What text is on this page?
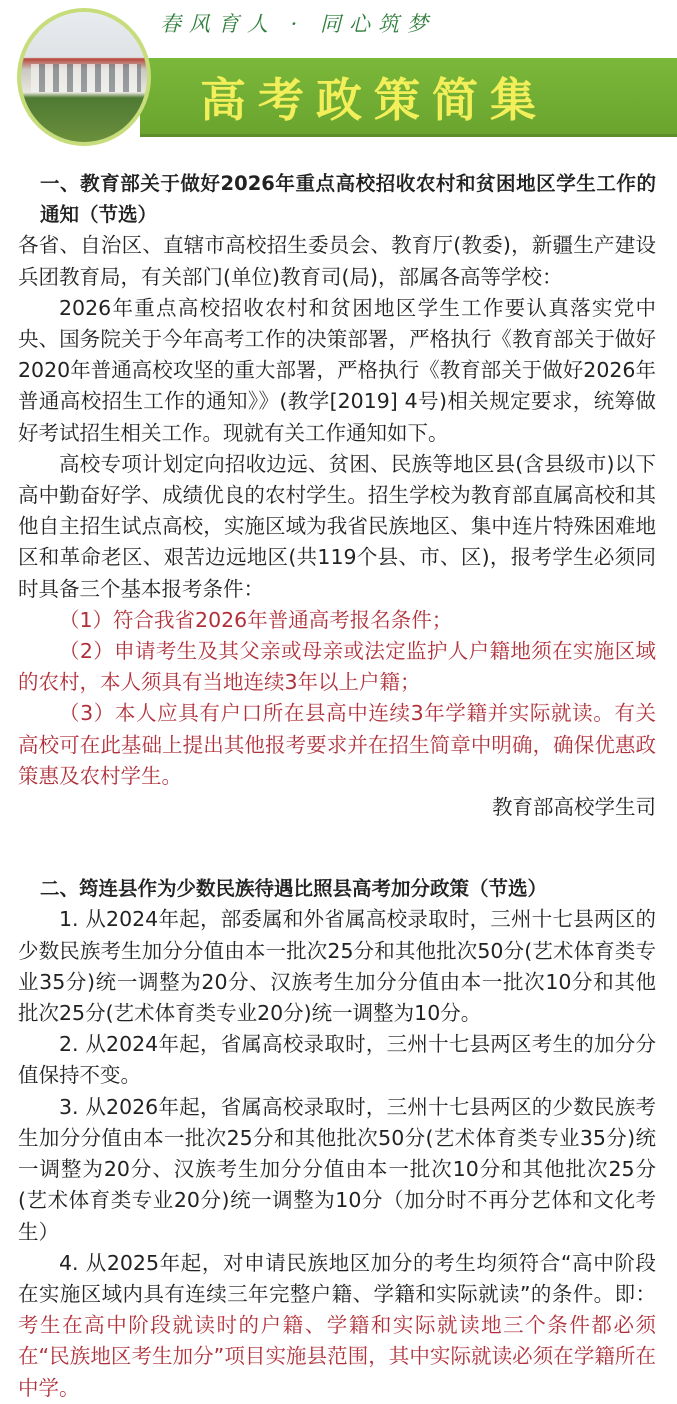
高考政策简集
春风育人 · 同心筑梦

一、教育部关于做好2026年重点高校招收农村和贫困地区学生工作的通知（节选）

各省、自治区、直辖市高校招生委员会、教育厅(教委)，新疆生产建设兵团教育局，有关部门(单位)教育司(局)，部属各高等学校：

2026年重点高校招收农村和贫困地区学生工作要认真落实党中央、国务院关于今年高考工作的决策部署，严格执行《教育部关于做好2020年普通高校攻坚的重大部署，严格执行《教育部关于做好2026年普通高校招生工作的通知》》(教学[2019] 4号)相关规定要求，统筹做好考试招生相关工作。现就有关工作通知如下。

高校专项计划定向招收边远、贫困、民族等地区县(含县级市)以下高中勤奋好学、成绩优良的农村学生。招生学校为教育部直属高校和其他自主招生试点高校，实施区域为我省民族地区、集中连片特殊困难地区和革命老区、艰苦边远地区(共119个县、市、区)，报考学生必须同时具备三个基本报考条件：

（1）符合我省2026年普通高考报名条件；

（2）申请考生及其父亲或母亲或法定监护人户籍地须在实施区域的农村，本人须具有当地连续3年以上户籍；

（3）本人应具有户口所在县高中连续3年学籍并实际就读。有关高校可在此基础上提出其他报考要求并在招生简章中明确，确保优惠政策惠及农村学生。

教育部高校学生司

二、筠连县作为少数民族待遇比照县高考加分政策（节选）

1. 从2024年起，部委属和外省属高校录取时，三州十七县两区的少数民族考生加分分值由本一批次25分和其他批次50分(艺术体育类专业35分)统一调整为20分、汉族考生加分分值由本一批次10分和其他批次25分(艺术体育类专业20分)统一调整为10分。

2. 从2024年起，省属高校录取时，三州十七县两区考生的加分分值保持不变。

3. 从2026年起，省属高校录取时，三州十七县两区的少数民族考生加分分值由本一批次25分和其他批次50分(艺术体育类专业35分)统一调整为20分、汉族考生加分分值由本一批次10分和其他批次25分(艺术体育类专业20分)统一调整为10分（加分时不再分艺体和文化考生）

4. 从2025年起，对申请民族地区加分的考生均须符合“高中阶段在实施区域内具有连续三年完整户籍、学籍和实际就读”的条件。即：考生在高中阶段就读时的户籍、学籍和实际就读地三个条件都必须在“民族地区考生加分”项目实施县范围，其中实际就读必须在学籍所在中学。
